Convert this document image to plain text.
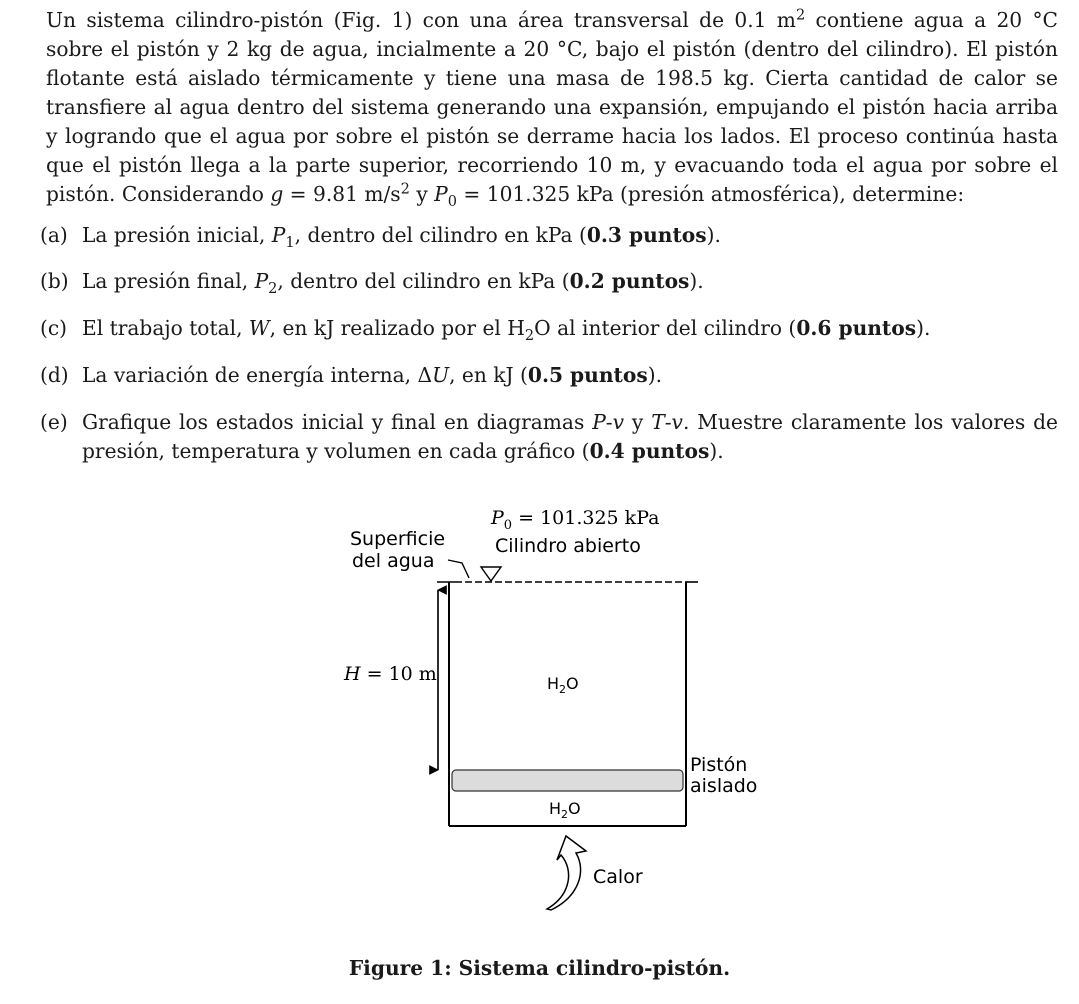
Un sistema cilindro-pistón (Fig. 1) con una área transversal de 0.1 $m^2$ contiene agua a 20 °C sobre el pistón y 2 kg de agua, incialmente a 20 °C, bajo el pistón (dentro del cilindro). El pistón flotante está aislado térmicamente y tiene una masa de 198.5 kg. Cierta cantidad de calor se transfiere al agua dentro del sistema generando una expansión, empujando el pistón hacia arriba y logrando que el agua por sobre el pistón se derrame hacia los lados. El proceso continúa hasta que el pistón llega a la parte superior, recorriendo 10 m, y evacuando toda el agua por sobre el pistón. Considerando g = 9.81 $m/s^2$ y $P_0 = 101.325$ kPa (presión atmosférica), determine:
(a) La presión inicial, $P_1$, dentro del cilindro en kPa (0.3 puntos).
(b) La presión final, $P_2$, dentro del cilindro en kPa (0.2 puntos).
(c) El trabajo total, W, en kJ realizado por el $H_2O$ al interior del cilindro (0.6 puntos).
(d) La variación de energía interna, ΔU, en kJ (0.5 puntos).
(e) Grafique los estados inicial y final en diagramas P-v y T-v. Muestre claramente los valores de presión, temperatura y volumen en cada gráfico (0.4 puntos).
$P_0 = 101.325$ kPa
Cilindro abierto
Superficie
del agua
H = 10 m	$H_2O$
$H_2O$
Pistón
aislado
Calor
Figure 1: Sistema cilindro-pistón.
